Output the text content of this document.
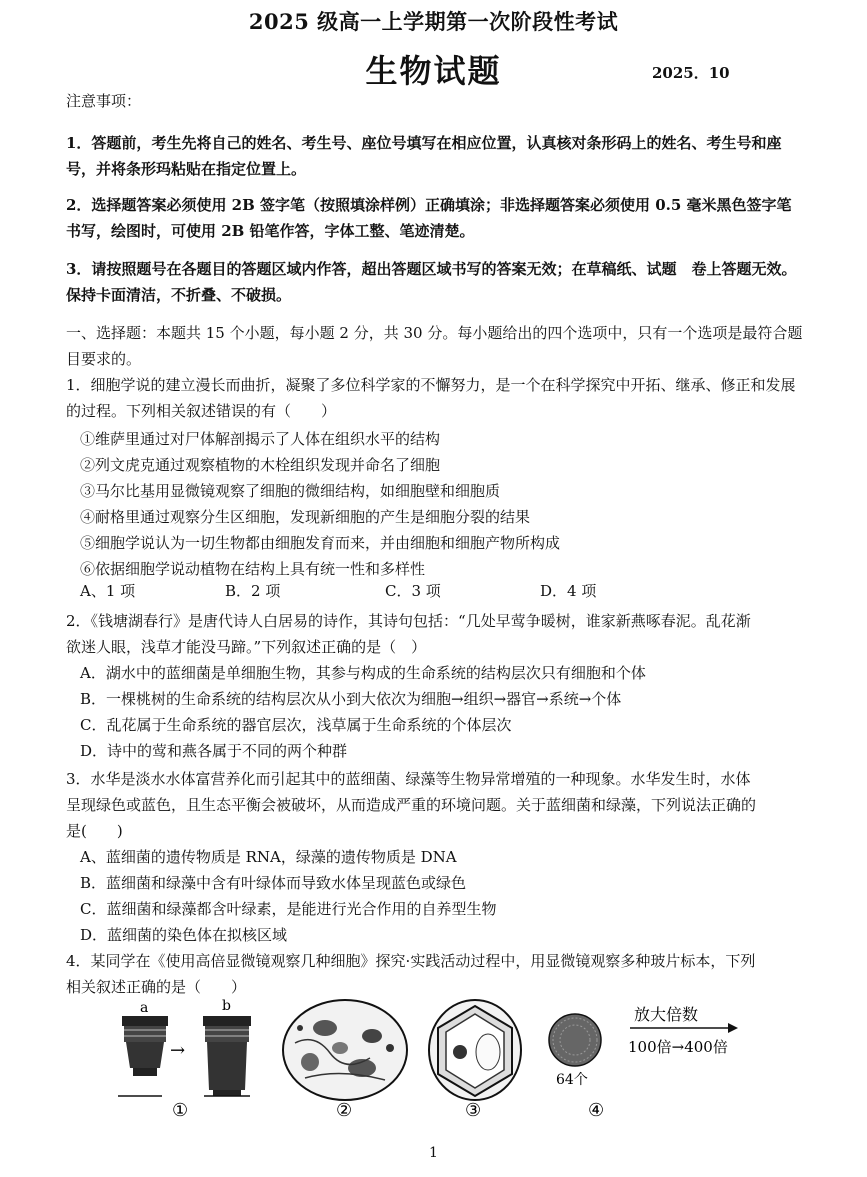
2025 级高一上学期第一次阶段性考试
生物试题	2025．10
注意事项：
1．答题前，考生先将自己的姓名、考生号、座位号填写在相应位置，认真核对条形码上的姓名、考生号和座号，并将条形玛粘贴在指定位置上。
2．选择题答案必须使用 2B 签字笔（按照填涂样例）正确填涂；非选择题答案必须使用 0.5 毫米黑色签字笔书写，绘图时，可使用 2B 铅笔作答，字体工整、笔迹清楚。
3．请按照题号在各题目的答题区域内作答，超出答题区域书写的答案无效；在草稿纸、试题　卷上答题无效。保持卡面清洁，不折叠、不破损。
一、选择题：本题共 15 个小题，每小题 2 分，共 30 分。每小题给出的四个选项中，只有一个选项是最符合题目要求的。
1．细胞学说的建立漫长而曲折，凝聚了多位科学家的不懈努力，是一个在科学探究中开拓、继承、修正和发展的过程。下列相关叙述错误的有（　　）
①维萨里通过对尸体解剖揭示了人体在组织水平的结构
②列文虎克通过观察植物的木栓组织发现并命名了细胞
③马尔比基用显微镜观察了细胞的微细结构，如细胞壁和细胞质
④耐格里通过观察分生区细胞，发现新细胞的产生是细胞分裂的结果
⑤细胞学说认为一切生物都由细胞发育而来，并由细胞和细胞产物所构成
⑥依据细胞学说动植物在结构上具有统一性和多样性
A、1 项	B．2 项	C．3 项	D．4 项
2．《钱塘湖春行》是唐代诗人白居易的诗作，其诗句包括：“几处早莺争暖树，谁家新燕啄春泥。乱花渐
欲迷人眼，浅草才能没马蹄。”下列叙述正确的是（　）
A．湖水中的蓝细菌是单细胞生物，其参与构成的生命系统的结构层次只有细胞和个体
B．一棵桃树的生命系统的结构层次从小到大依次为细胞→组织→器官→系统→个体
C．乱花属于生命系统的器官层次，浅草属于生命系统的个体层次
D．诗中的莺和燕各属于不同的两个种群
3．水华是淡水水体富营养化而引起其中的蓝细菌、绿藻等生物异常增殖的一种现象。水华发生时，水体
呈现绿色或蓝色，且生态平衡会被破坏，从而造成严重的环境问题。关于蓝细菌和绿藻，下列说法正确的
是(　　)
A、蓝细菌的遗传物质是 RNA，绿藻的遗传物质是 DNA
B．蓝细菌和绿藻中含有叶绿体而导致水体呈现蓝色或绿色
C．蓝细菌和绿藻都含叶绿素，是能进行光合作用的自养型生物
D．蓝细菌的染色体在拟核区域
4．某同学在《使用高倍显微镜观察几种细胞》探究·实践活动过程中，用显微镜观察多种玻片标本，下列
相关叙述正确的是（　　）
a	b
→
①	②	③
64个
放大倍数
100倍→400倍
④
1
